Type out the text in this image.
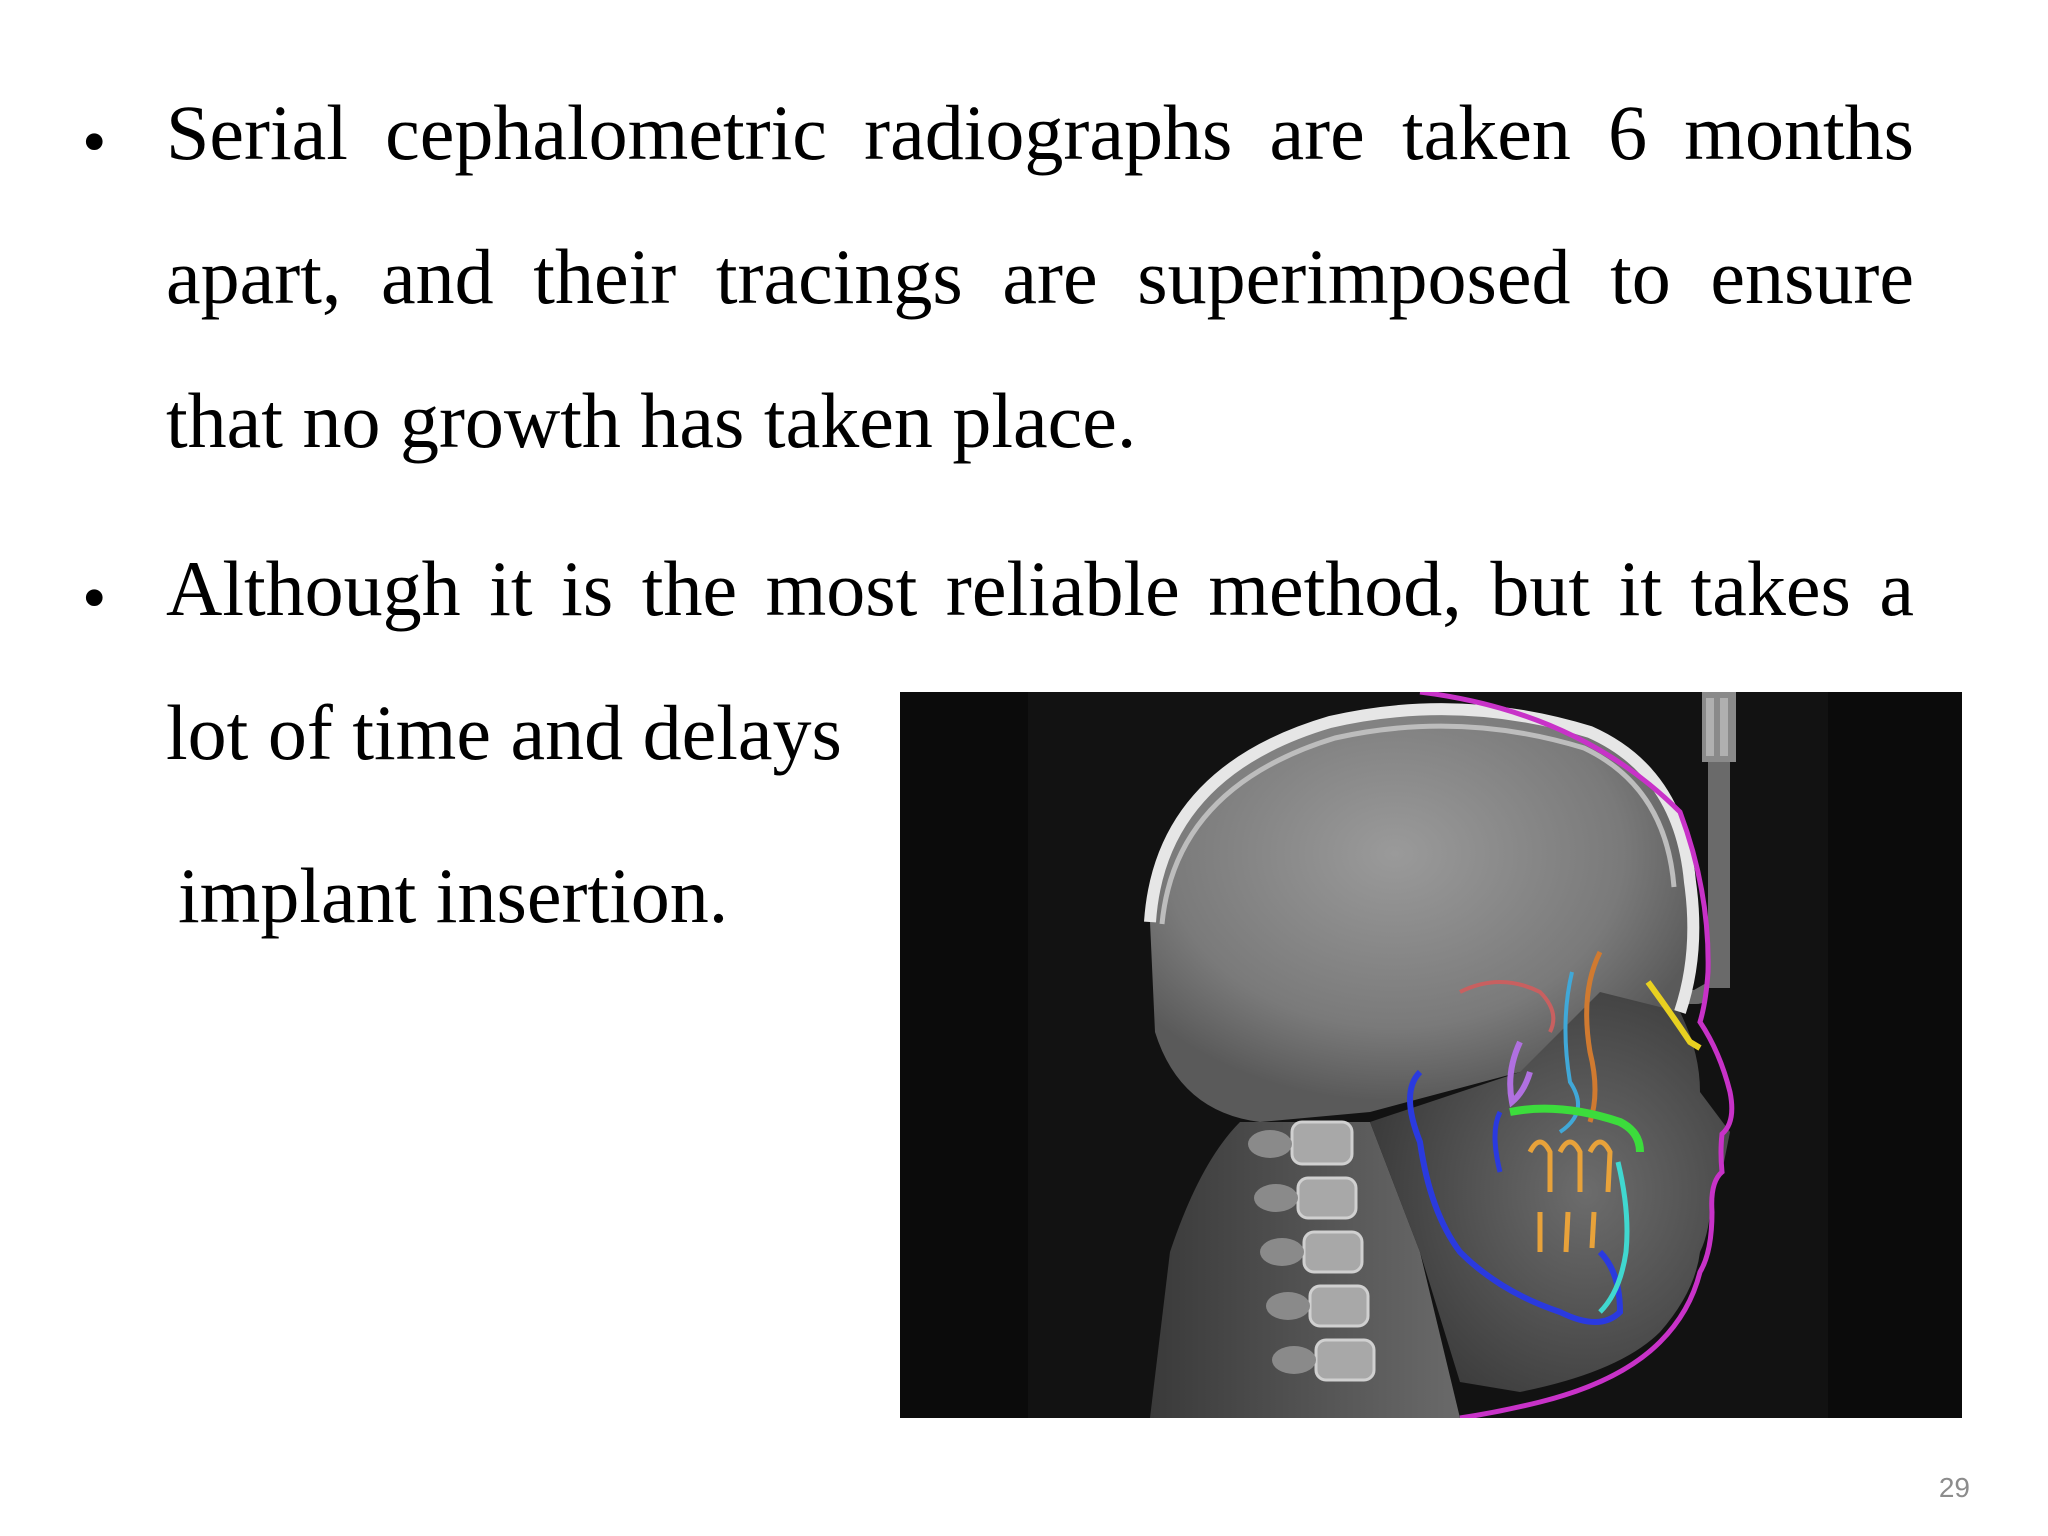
• Serial cephalometric radiographs are taken 6 months
apart, and their tracings are superimposed to ensure
that no growth has taken place.
• Although it is the most reliable method, but it takes a
lot of time and delays
implant insertion.
29
